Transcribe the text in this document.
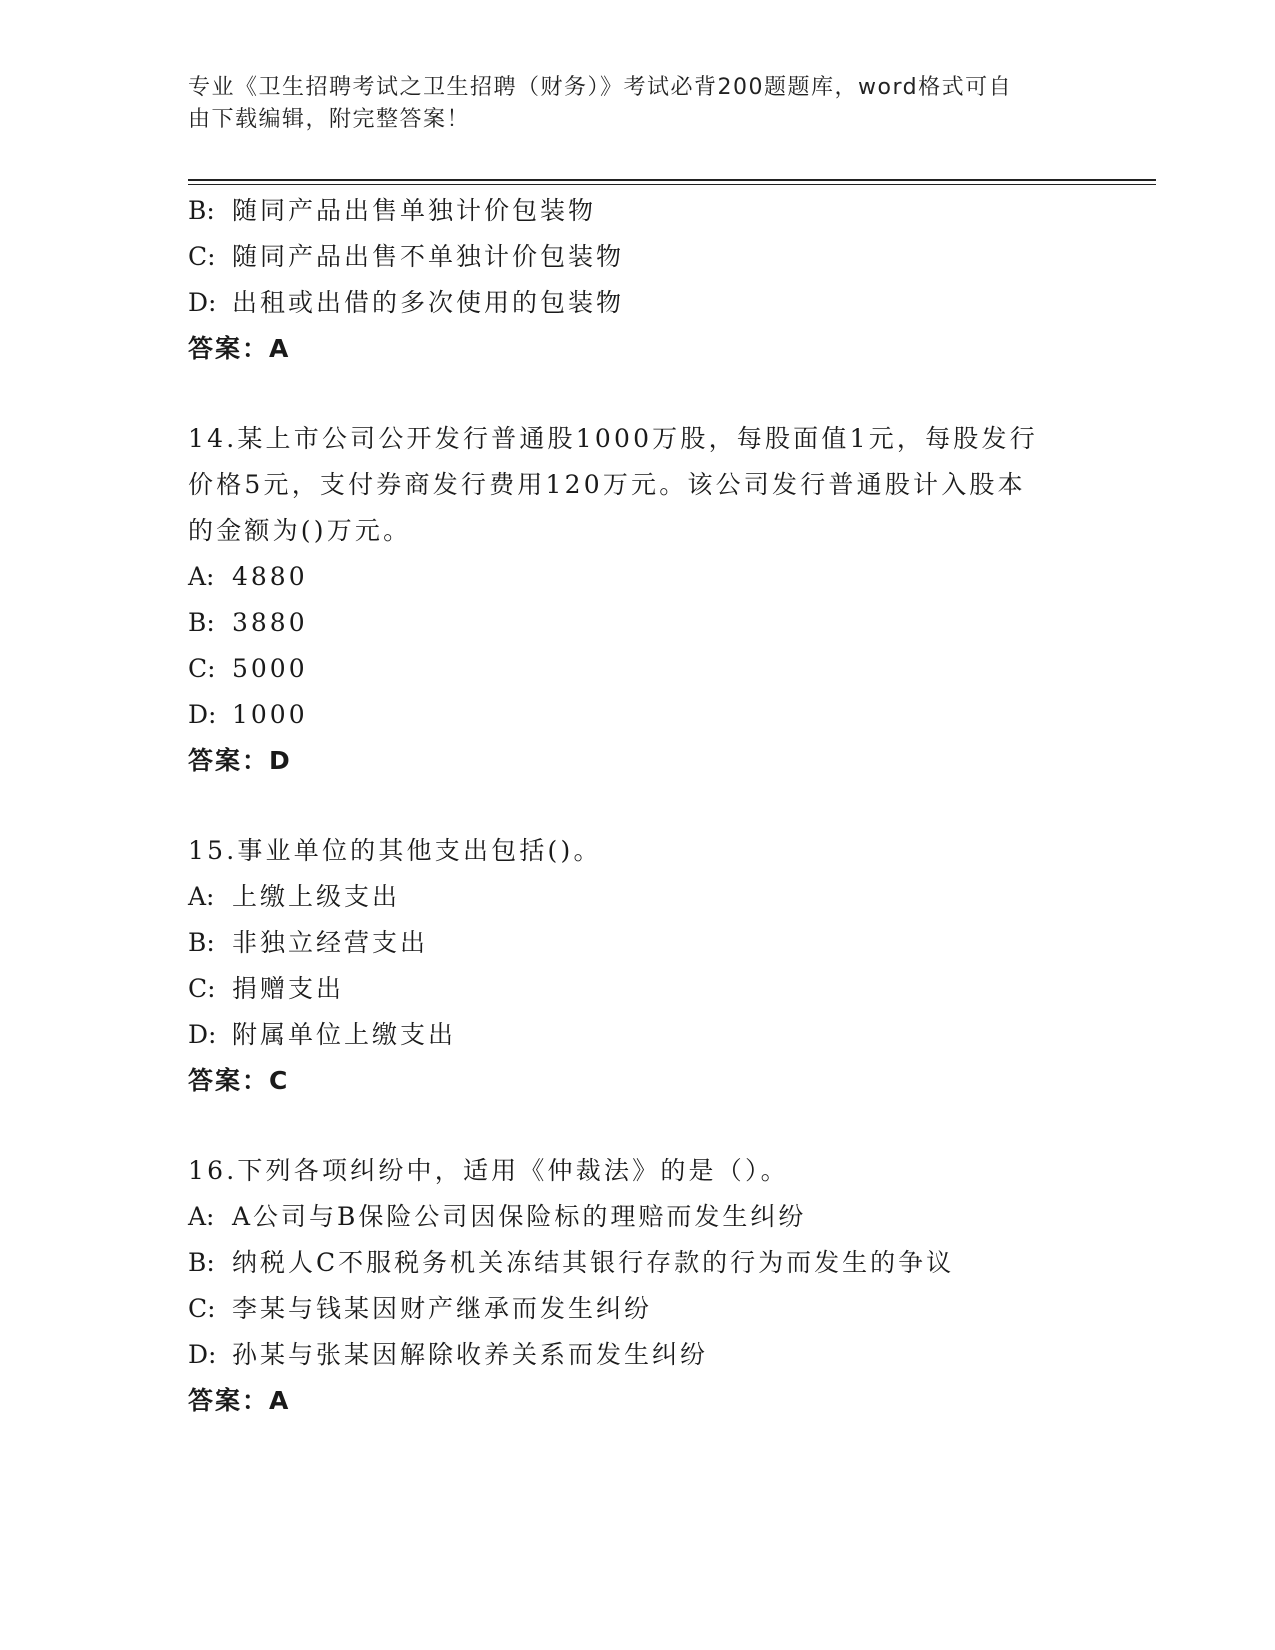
专业《卫生招聘考试之卫生招聘（财务）》考试必背200题题库，word格式可自
由下载编辑，附完整答案！
B: 随同产品出售单独计价包装物
C: 随同产品出售不单独计价包装物
D: 出租或出借的多次使用的包装物
答案：A
14.某上市公司公开发行普通股1000万股，每股面值1元，每股发行
价格5元，支付券商发行费用120万元。该公司发行普通股计入股本
的金额为()万元。
A: 4880
B: 3880
C: 5000
D: 1000
答案：D
15.事业单位的其他支出包括()。
A: 上缴上级支出
B: 非独立经营支出
C: 捐赠支出
D: 附属单位上缴支出
答案：C
16.下列各项纠纷中，适用《仲裁法》的是（）。
A: A公司与B保险公司因保险标的理赔而发生纠纷
B: 纳税人C不服税务机关冻结其银行存款的行为而发生的争议
C: 李某与钱某因财产继承而发生纠纷
D: 孙某与张某因解除收养关系而发生纠纷
答案：A
